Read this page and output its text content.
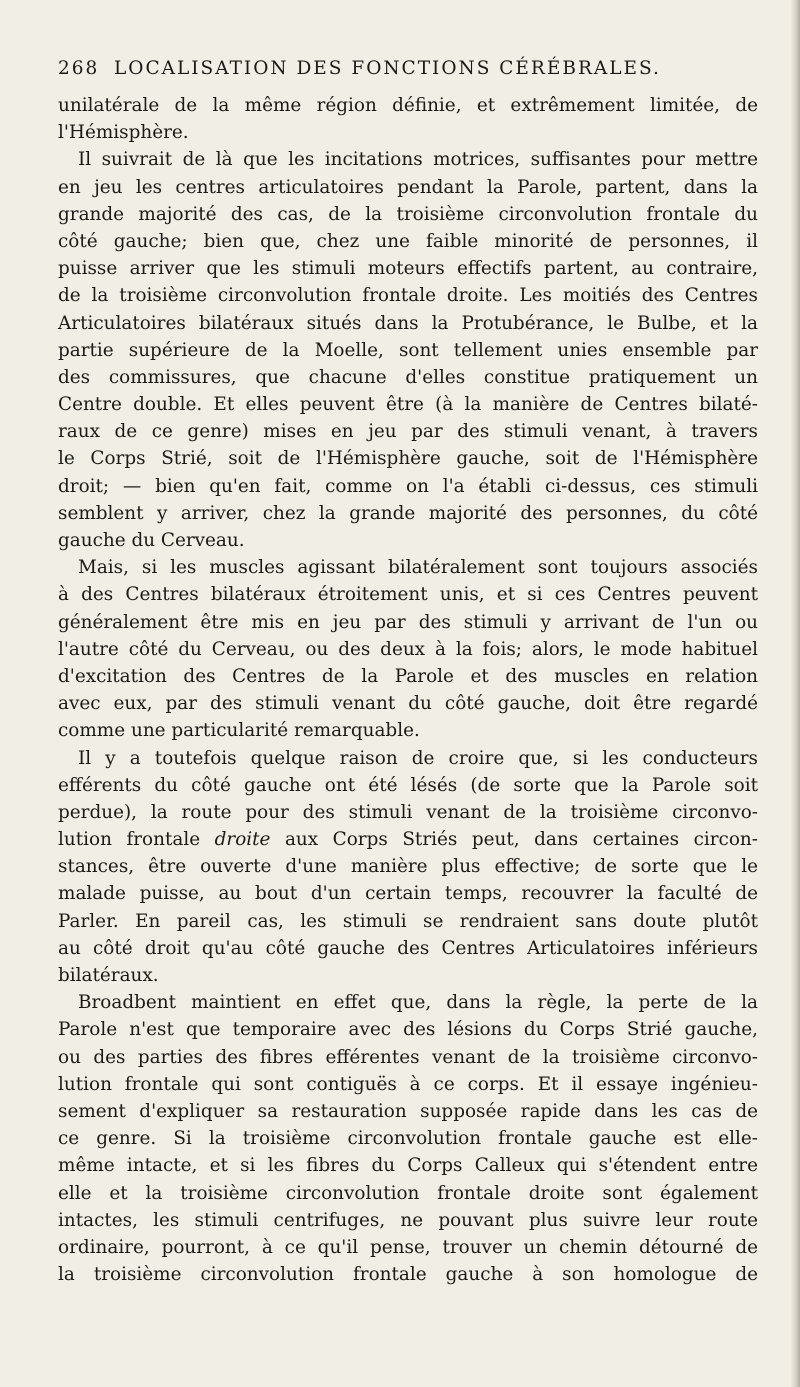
268 LOCALISATION DES FONCTIONS CÉRÉBRALES.
unilatérale de la même région définie, et extrêmement limitée, de
l'Hémisphère.
Il suivrait de là que les incitations motrices, suffisantes pour mettre
en jeu les centres articulatoires pendant la Parole, partent, dans la
grande majorité des cas, de la troisième circonvolution frontale du
côté gauche; bien que, chez une faible minorité de personnes, il
puisse arriver que les stimuli moteurs effectifs partent, au contraire,
de la troisième circonvolution frontale droite. Les moitiés des Centres
Articulatoires bilatéraux situés dans la Protubérance, le Bulbe, et la
partie supérieure de la Moelle, sont tellement unies ensemble par
des commissures, que chacune d'elles constitue pratiquement un
Centre double. Et elles peuvent être (à la manière de Centres bilaté-
raux de ce genre) mises en jeu par des stimuli venant, à travers
le Corps Strié, soit de l'Hémisphère gauche, soit de l'Hémisphère
droit; — bien qu'en fait, comme on l'a établi ci-dessus, ces stimuli
semblent y arriver, chez la grande majorité des personnes, du côté
gauche du Cerveau.
Mais, si les muscles agissant bilatéralement sont toujours associés
à des Centres bilatéraux étroitement unis, et si ces Centres peuvent
généralement être mis en jeu par des stimuli y arrivant de l'un ou
l'autre côté du Cerveau, ou des deux à la fois; alors, le mode habituel
d'excitation des Centres de la Parole et des muscles en relation
avec eux, par des stimuli venant du côté gauche, doit être regardé
comme une particularité remarquable.
Il y a toutefois quelque raison de croire que, si les conducteurs
efférents du côté gauche ont été lésés (de sorte que la Parole soit
perdue), la route pour des stimuli venant de la troisième circonvo-
lution frontale droite aux Corps Striés peut, dans certaines circon-
stances, être ouverte d'une manière plus effective; de sorte que le
malade puisse, au bout d'un certain temps, recouvrer la faculté de
Parler. En pareil cas, les stimuli se rendraient sans doute plutôt
au côté droit qu'au côté gauche des Centres Articulatoires inférieurs
bilatéraux.
Broadbent maintient en effet que, dans la règle, la perte de la
Parole n'est que temporaire avec des lésions du Corps Strié gauche,
ou des parties des fibres efférentes venant de la troisième circonvo-
lution frontale qui sont contiguës à ce corps. Et il essaye ingénieu-
sement d'expliquer sa restauration supposée rapide dans les cas de
ce genre. Si la troisième circonvolution frontale gauche est elle-
même intacte, et si les fibres du Corps Calleux qui s'étendent entre
elle et la troisième circonvolution frontale droite sont également
intactes, les stimuli centrifuges, ne pouvant plus suivre leur route
ordinaire, pourront, à ce qu'il pense, trouver un chemin détourné de
la troisième circonvolution frontale gauche à son homologue de
